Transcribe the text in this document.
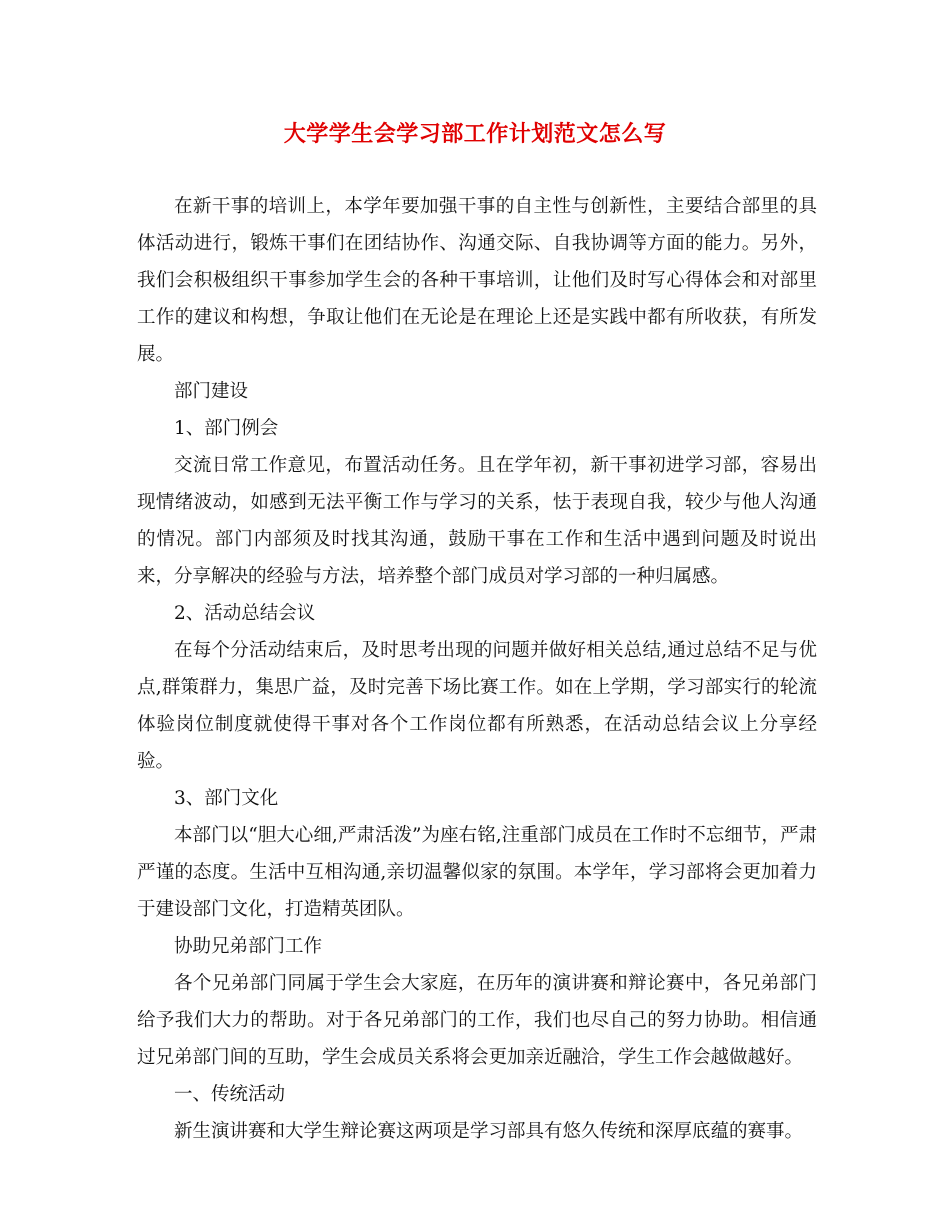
大学学生会学习部工作计划范文怎么写

在新干事的培训上，本学年要加强干事的自主性与创新性，主要结合部里的具体活动进行，锻炼干事们在团结协作、沟通交际、自我协调等方面的能力。另外，我们会积极组织干事参加学生会的各种干事培训，让他们及时写心得体会和对部里工作的建议和构想，争取让他们在无论是在理论上还是实践中都有所收获，有所发展。

部门建设

1、部门例会

交流日常工作意见，布置活动任务。且在学年初，新干事初进学习部，容易出现情绪波动，如感到无法平衡工作与学习的关系，怯于表现自我，较少与他人沟通的情况。部门内部须及时找其沟通，鼓励干事在工作和生活中遇到问题及时说出来，分享解决的经验与方法，培养整个部门成员对学习部的一种归属感。

2、活动总结会议

在每个分活动结束后，及时思考出现的问题并做好相关总结,通过总结不足与优点,群策群力，集思广益，及时完善下场比赛工作。如在上学期，学习部实行的轮流体验岗位制度就使得干事对各个工作岗位都有所熟悉，在活动总结会议上分享经验。

3、部门文化

本部门以“胆大心细,严肃活泼”为座右铭,注重部门成员在工作时不忘细节，严肃严谨的态度。生活中互相沟通,亲切温馨似家的氛围。本学年，学习部将会更加着力于建设部门文化，打造精英团队。

协助兄弟部门工作

各个兄弟部门同属于学生会大家庭，在历年的演讲赛和辩论赛中，各兄弟部门给予我们大力的帮助。对于各兄弟部门的工作，我们也尽自己的努力协助。相信通过兄弟部门间的互助，学生会成员关系将会更加亲近融洽，学生工作会越做越好。

一、传统活动

新生演讲赛和大学生辩论赛这两项是学习部具有悠久传统和深厚底蕴的赛事。
